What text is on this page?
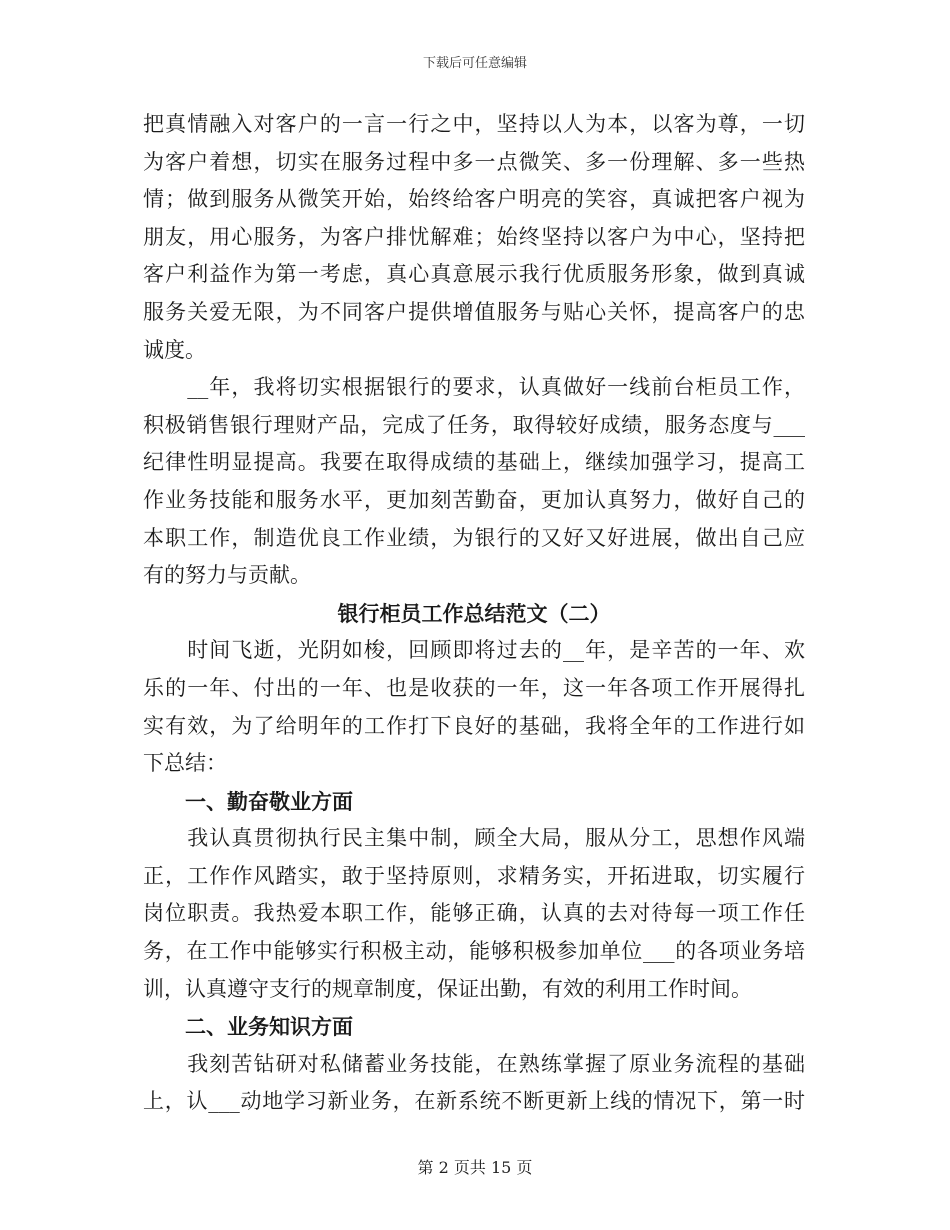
下载后可任意编辑
把真情融入对客户的一言一行之中，坚持以人为本，以客为尊，一切
为客户着想，切实在服务过程中多一点微笑、多一份理解、多一些热
情；做到服务从微笑开始，始终给客户明亮的笑容，真诚把客户视为
朋友，用心服务，为客户排忧解难；始终坚持以客户为中心，坚持把
客户利益作为第一考虑，真心真意展示我行优质服务形象，做到真诚
服务关爱无限，为不同客户提供增值服务与贴心关怀，提高客户的忠
诚度。
　　__年，我将切实根据银行的要求，认真做好一线前台柜员工作，
积极销售银行理财产品，完成了任务，取得较好成绩，服务态度与___
纪律性明显提高。我要在取得成绩的基础上，继续加强学习，提高工
作业务技能和服务水平，更加刻苦勤奋，更加认真努力，做好自己的
本职工作，制造优良工作业绩，为银行的又好又好进展，做出自己应
有的努力与贡献。
银行柜员工作总结范文（二）
　　时间飞逝，光阴如梭，回顾即将过去的__年，是辛苦的一年、欢
乐的一年、付出的一年、也是收获的一年，这一年各项工作开展得扎
实有效，为了给明年的工作打下良好的基础，我将全年的工作进行如
下总结：
一、勤奋敬业方面
　　我认真贯彻执行民主集中制，顾全大局，服从分工，思想作风端
正，工作作风踏实，敢于坚持原则，求精务实，开拓进取，切实履行
岗位职责。我热爱本职工作，能够正确，认真的去对待每一项工作任
务，在工作中能够实行积极主动，能够积极参加单位___的各项业务培
训，认真遵守支行的规章制度，保证出勤，有效的利用工作时间。
二、业务知识方面
　　我刻苦钻研对私储蓄业务技能，在熟练掌握了原业务流程的基础
上，认___动地学习新业务，在新系统不断更新上线的情况下，第一时
第 2 页共 15 页
